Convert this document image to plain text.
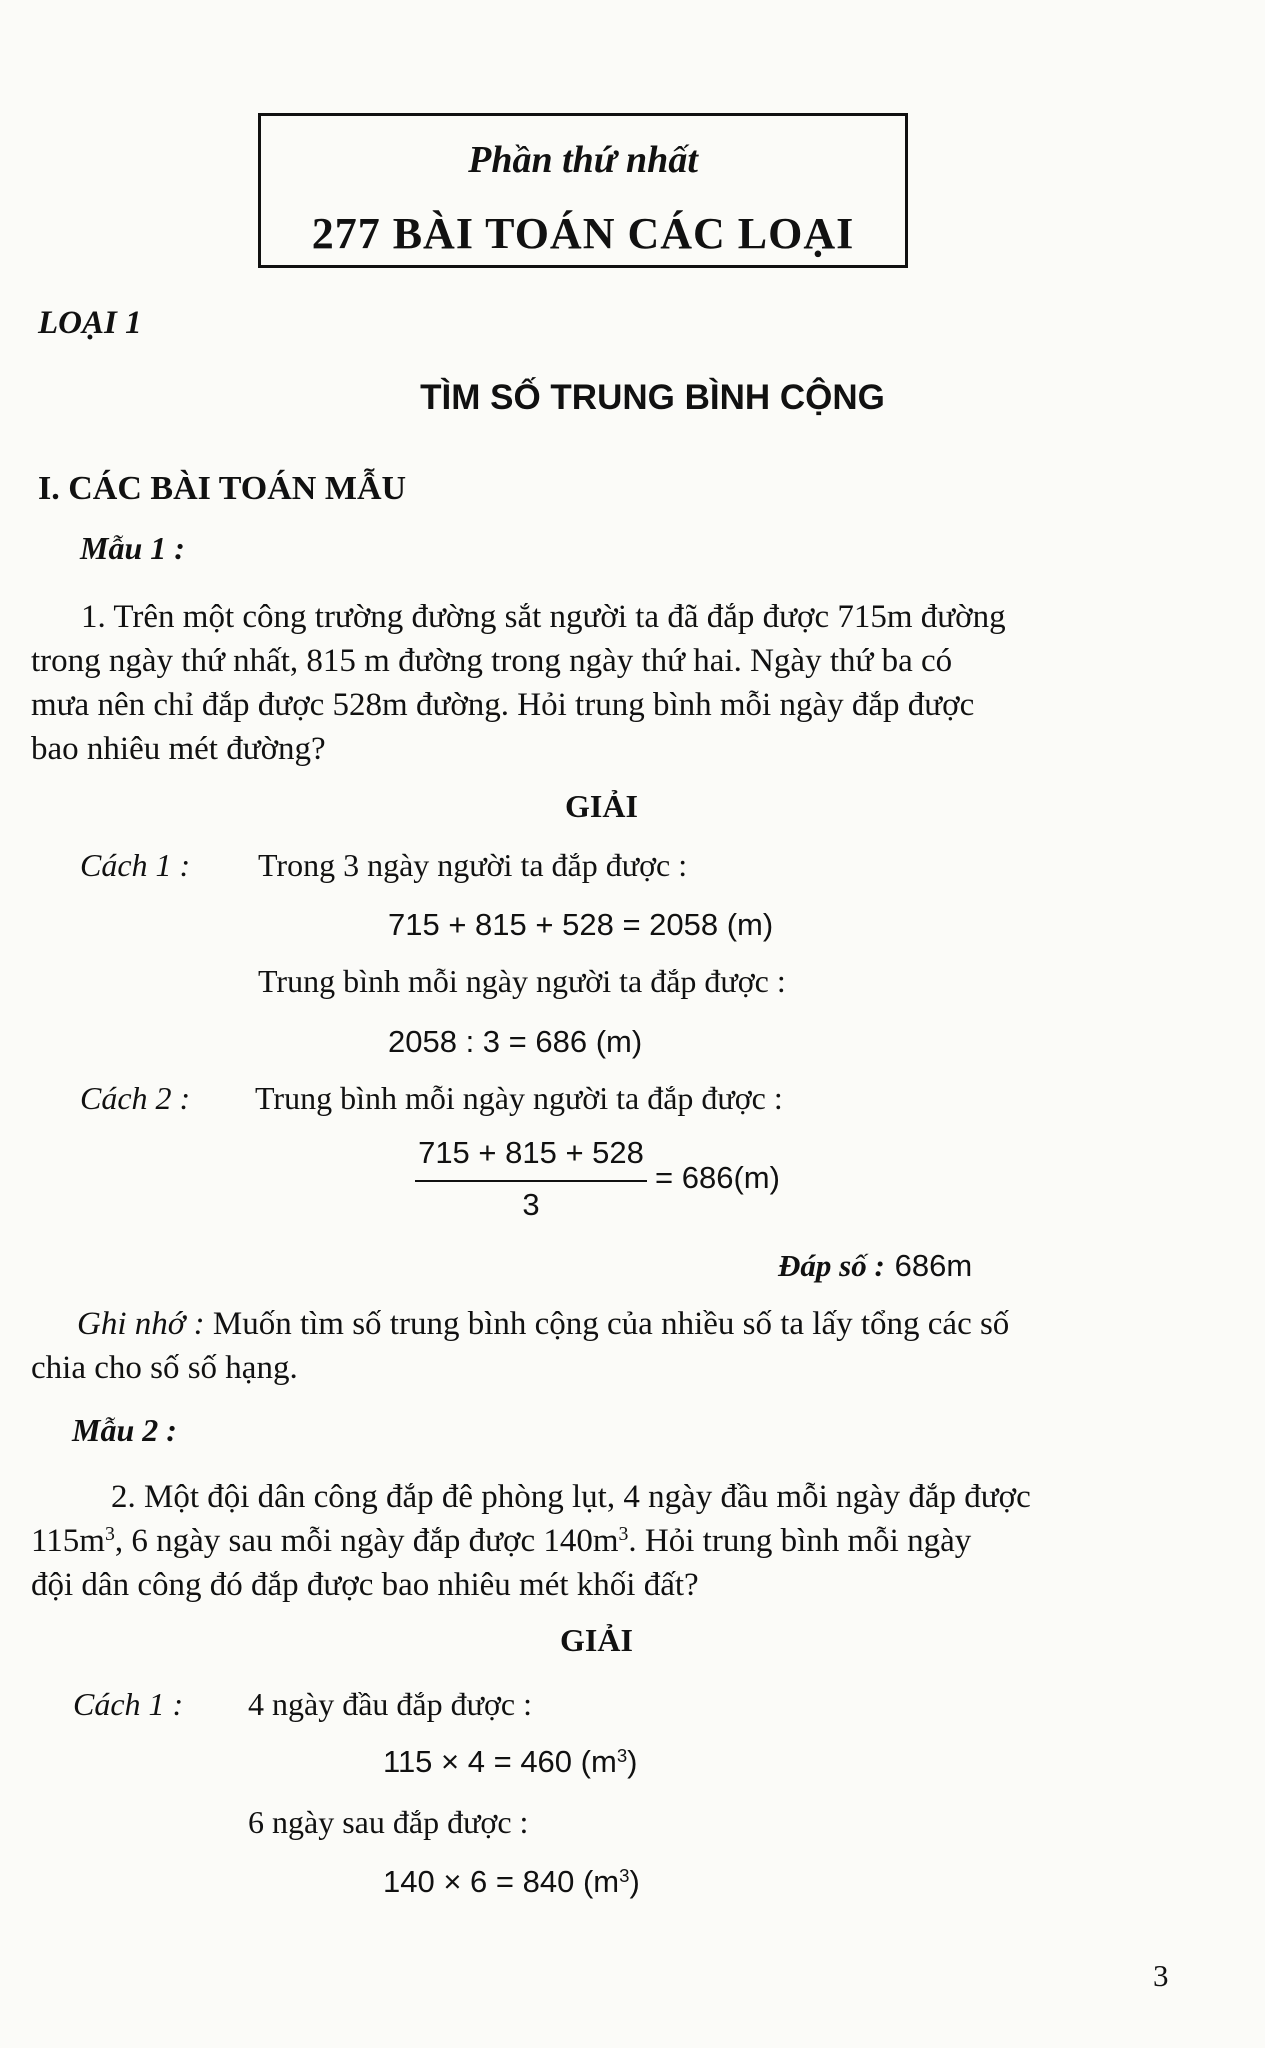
Phần thứ nhất
277 BÀI TOÁN CÁC LOẠI
LOẠI 1
TÌM SỐ TRUNG BÌNH CỘNG
I. CÁC BÀI TOÁN MẪU
Mẫu 1 :
1. Trên một công trường đường sắt người ta đã đắp được 715m đường
trong ngày thứ nhất, 815 m đường trong ngày thứ hai. Ngày thứ ba có
mưa nên chỉ đắp được 528m đường. Hỏi trung bình mỗi ngày đắp được
bao nhiêu mét đường?
GIẢI
Cách 1 : Trong 3 ngày người ta đắp được :
715 + 815 + 528 = 2058 (m)
Trung bình mỗi ngày người ta đắp được :
2058 : 3 = 686 (m)
Cách 2 : Trung bình mỗi ngày người ta đắp được :
715 + 815 + 528
3
= 686(m)
Đáp số : 686m
Ghi nhớ : Muốn tìm số trung bình cộng của nhiều số ta lấy tổng các số
chia cho số số hạng.
Mẫu 2 :
2. Một đội dân công đắp đê phòng lụt, 4 ngày đầu mỗi ngày đắp được
$115m^3$, 6 ngày sau mỗi ngày đắp được $140m^3$. Hỏi trung bình mỗi ngày
đội dân công đó đắp được bao nhiêu mét khối đất?
GIẢI
Cách 1 : 4 ngày đầu đắp được :
115 × 4 = 460 $(m^3)$
6 ngày sau đắp được :
140 × 6 = 840 $(m^3)$
3
